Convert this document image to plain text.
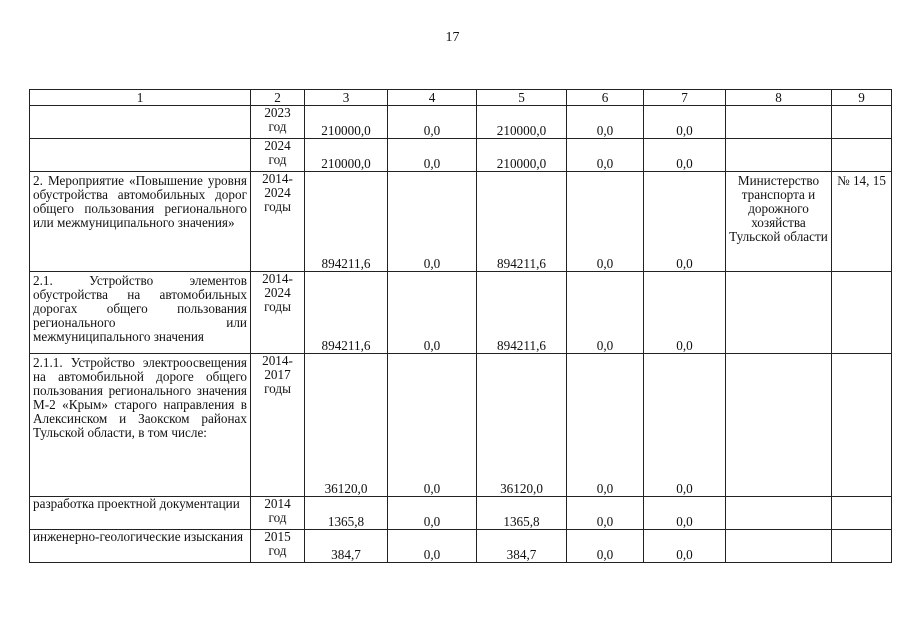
17
1	2	3	4	5	6	7	8	9
	2023 год	210000,0	0,0	210000,0	0,0	0,0		
	2024 год	210000,0	0,0	210000,0	0,0	0,0		
2. Мероприятие «Повышение уровня обустройства автомобильных дорог общего пользования регионального или межмуниципального значения»	2014-2024 годы	894211,6	0,0	894211,6	0,0	0,0	Министерство транспорта и дорожного хозяйства Тульской области	№ 14, 15
2.1. Устройство элементов обустройства на автомобильных дорогах общего пользования регионального или межмуниципального значения	2014-2024 годы	894211,6	0,0	894211,6	0,0	0,0		
2.1.1. Устройство электроосвещения на автомобильной дороге общего пользования регионального значения М-2 «Крым» старого направления в Алексинском и Заокском районах Тульской области, в том числе:	2014-2017 годы	36120,0	0,0	36120,0	0,0	0,0		
разработка проектной документации	2014 год	1365,8	0,0	1365,8	0,0	0,0		
инженерно-геологические изыскания	2015 год	384,7	0,0	384,7	0,0	0,0		
